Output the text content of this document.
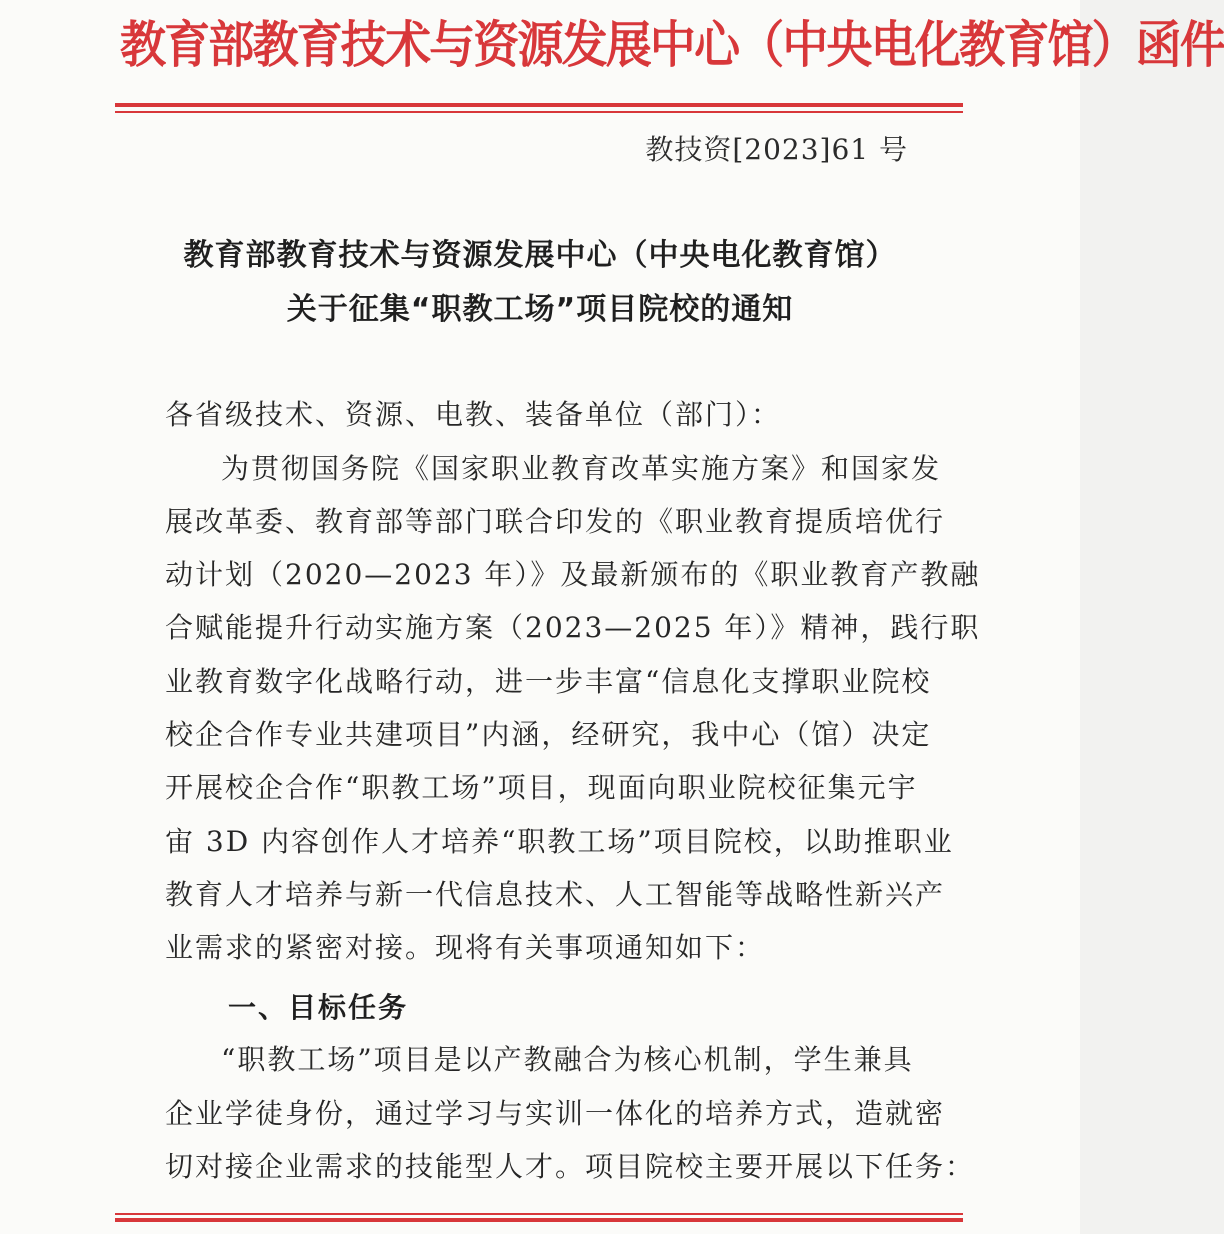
教育部教育技术与资源发展中心（中央电化教育馆）函件
教技资[2023]61 号
教育部教育技术与资源发展中心（中央电化教育馆）
关于征集“职教工场”项目院校的通知
各省级技术、资源、电教、装备单位（部门）：
为贯彻国务院《国家职业教育改革实施方案》和国家发
展改革委、教育部等部门联合印发的《职业教育提质培优行
动计划（2020—2023 年）》及最新颁布的《职业教育产教融
合赋能提升行动实施方案（2023—2025 年）》精神，践行职
业教育数字化战略行动，进一步丰富“信息化支撑职业院校
校企合作专业共建项目”内涵，经研究，我中心（馆）决定
开展校企合作“职教工场”项目，现面向职业院校征集元宇
宙 3D 内容创作人才培养“职教工场”项目院校，以助推职业
教育人才培养与新一代信息技术、人工智能等战略性新兴产
业需求的紧密对接。现将有关事项通知如下：
“职教工场”项目是以产教融合为核心机制，学生兼具
企业学徒身份，通过学习与实训一体化的培养方式，造就密
切对接企业需求的技能型人才。项目院校主要开展以下任务：
一、目标任务
